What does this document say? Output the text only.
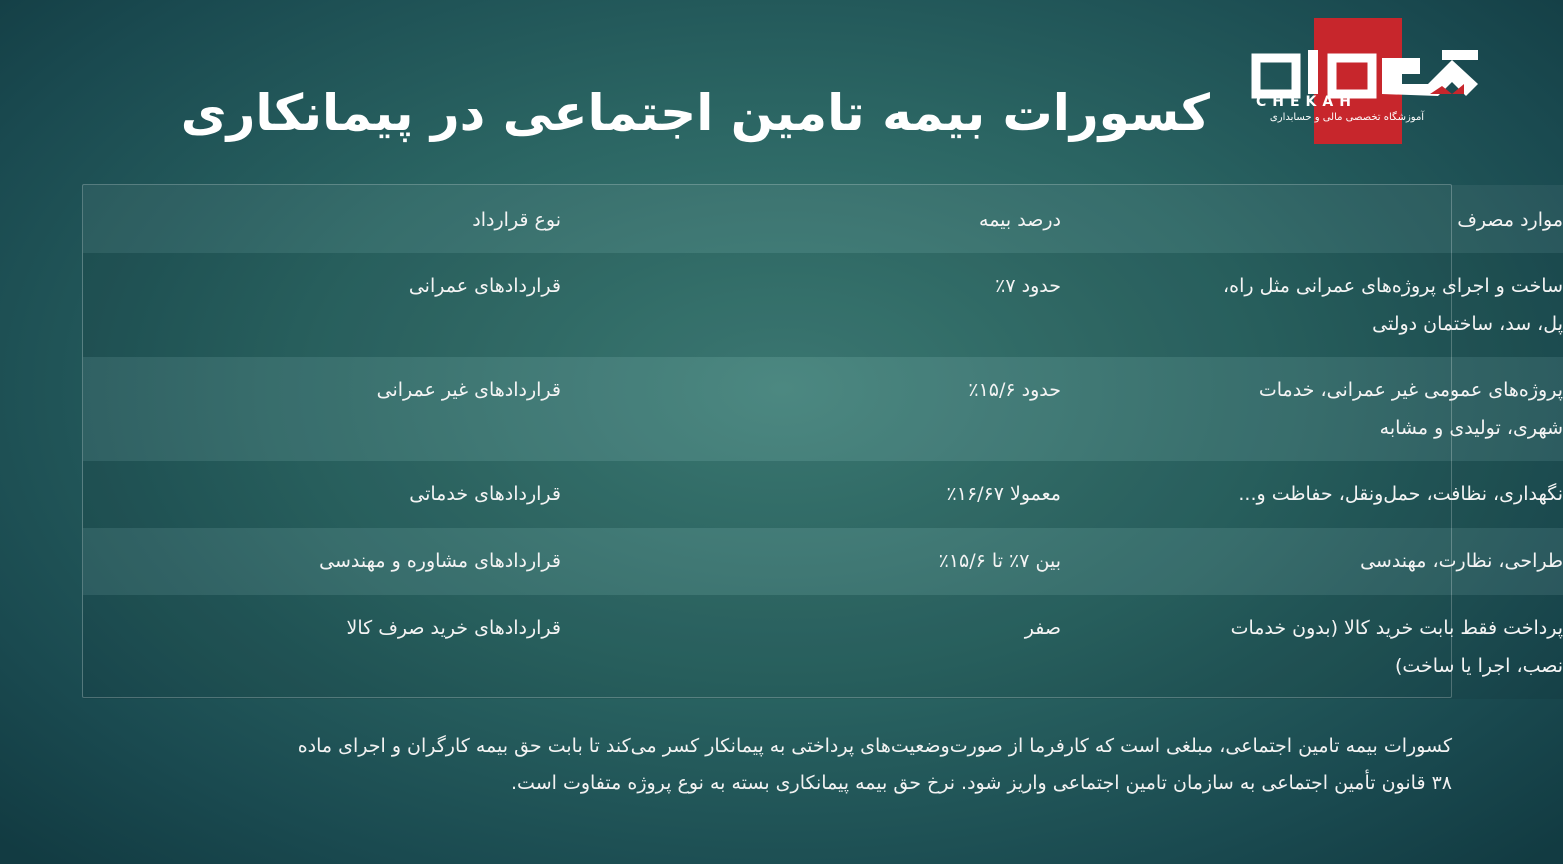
کسورات بیمه تامین اجتماعی در پیمانکاری	CHEKAH
آموزشگاه تخصصی مالی و حسابداری
موارد مصرف	درصد بیمه	نوع قرارداد

ساخت و اجرای پروژه‌های عمرانی مثل راه،
پل، سد، ساختمان دولتی	حدود ۷٪	قراردادهای عمرانی

پروژه‌های عمومی غیر عمرانی، خدمات
شهری، تولیدی و مشابه	حدود ۱۵/۶٪	قراردادهای غیر عمرانی

نگهداری، نظافت، حمل‌ونقل، حفاظت و...	معمولا ۱۶/۶۷٪	قراردادهای خدماتی

طراحی، نظارت، مهندسی	بین ۷٪ تا ۱۵/۶٪	قراردادهای مشاوره و مهندسی

پرداخت فقط بابت خرید کالا (بدون خدمات
نصب، اجرا یا ساخت)	صفر	قراردادهای خرید صرف کالا
کسورات بیمه تامین اجتماعی، مبلغی است که کارفرما از صورت‌وضعیت‌های پرداختی به پیمانکار کسر می‌کند تا بابت حق بیمه کارگران و اجرای ماده
۳۸ قانون تأمین اجتماعی به سازمان تامین اجتماعی واریز شود. نرخ حق بیمه پیمانکاری بسته به نوع پروژه متفاوت است.
